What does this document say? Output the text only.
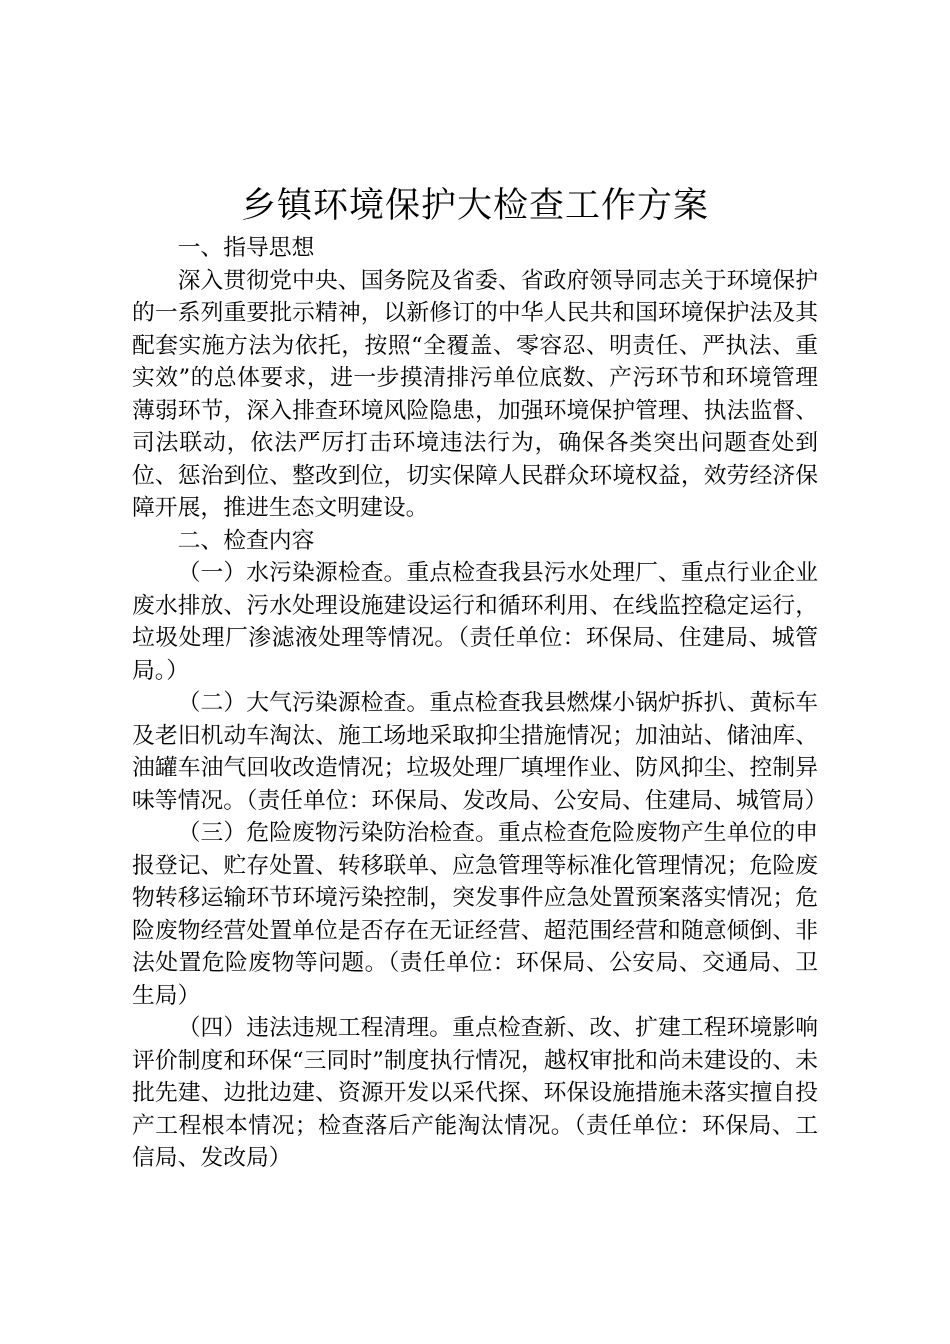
乡镇环境保护大检查工作方案

一、指导思想

深入贯彻党中央、国务院及省委、省政府领导同志关于环境保护的一系列重要批示精神，以新修订的中华人民共和国环境保护法及其配套实施方法为依托，按照“全覆盖、零容忍、明责任、严执法、重实效”的总体要求，进一步摸清排污单位底数、产污环节和环境管理薄弱环节，深入排查环境风险隐患，加强环境保护管理、执法监督、司法联动，依法严厉打击环境违法行为，确保各类突出问题查处到位、惩治到位、整改到位，切实保障人民群众环境权益，效劳经济保障开展，推进生态文明建设。

二、检查内容

（一）水污染源检查。重点检查我县污水处理厂、重点行业企业废水排放、污水处理设施建设运行和循环利用、在线监控稳定运行，垃圾处理厂渗滤液处理等情况。（责任单位：环保局、住建局、城管局。）

（二）大气污染源检查。重点检查我县燃煤小锅炉拆扒、黄标车及老旧机动车淘汰、施工场地采取抑尘措施情况；加油站、储油库、油罐车油气回收改造情况；垃圾处理厂填埋作业、防风抑尘、控制异味等情况。（责任单位：环保局、发改局、公安局、住建局、城管局）

（三）危险废物污染防治检查。重点检查危险废物产生单位的申报登记、贮存处置、转移联单、应急管理等标准化管理情况；危险废物转移运输环节环境污染控制，突发事件应急处置预案落实情况；危险废物经营处置单位是否存在无证经营、超范围经营和随意倾倒、非法处置危险废物等问题。（责任单位：环保局、公安局、交通局、卫生局）

（四）违法违规工程清理。重点检查新、改、扩建工程环境影响评价制度和环保“三同时”制度执行情况，越权审批和尚未建设的、未批先建、边批边建、资源开发以采代探、环保设施措施未落实擅自投产工程根本情况；检查落后产能淘汰情况。（责任单位：环保局、工信局、发改局）
